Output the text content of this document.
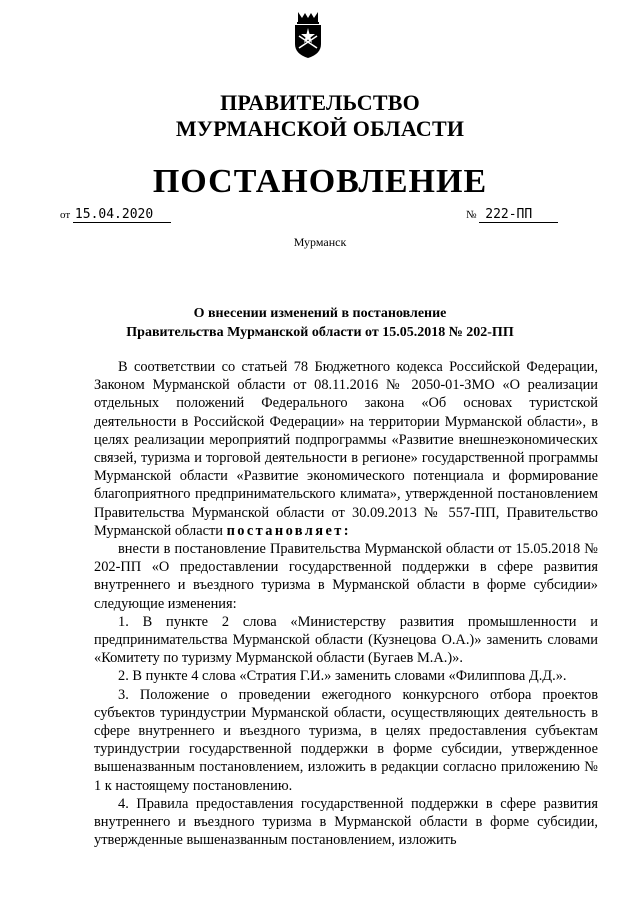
ПРАВИТЕЛЬСТВО
МУРМАНСКОЙ ОБЛАСТИ
ПОСТАНОВЛЕНИЕ
от 15.04.2020	№ 222-ПП
Мурманск
О внесении изменений в постановление
Правительства Мурманской области от 15.05.2018 № 202-ПП

В соответствии со статьей 78 Бюджетного кодекса Российской Федерации, Законом Мурманской области от 08.11.2016 № 2050-01-ЗМО «О реализации отдельных положений Федерального закона «Об основах туристской деятельности в Российской Федерации» на территории Мурманской области», в целях реализации мероприятий подпрограммы «Развитие внешнеэкономических связей, туризма и торговой деятельности в регионе» государственной программы Мурманской области «Развитие экономического потенциала и формирование благоприятного предпринимательского климата», утвержденной постановлением Правительства Мурманской области от 30.09.2013 № 557-ПП, Правительство Мурманской области постановляет:

внести в постановление Правительства Мурманской области от 15.05.2018 № 202-ПП «О предоставлении государственной поддержки в сфере развития внутреннего и въездного туризма в Мурманской области в форме субсидии» следующие изменения:

1. В пункте 2 слова «Министерству развития промышленности и предпринимательства Мурманской области (Кузнецова О.А.)» заменить словами «Комитету по туризму Мурманской области (Бугаев М.А.)».

2. В пункте 4 слова «Стратия Г.И.» заменить словами «Филиппова Д.Д.».

3. Положение о проведении ежегодного конкурсного отбора проектов субъектов туриндустрии Мурманской области, осуществляющих деятельность в сфере внутреннего и въездного туризма, в целях предоставления субъектам туриндустрии государственной поддержки в форме субсидии, утвержденное вышеназванным постановлением, изложить в редакции согласно приложению № 1 к настоящему постановлению.

4. Правила предоставления государственной поддержки в сфере развития внутреннего и въездного туризма в Мурманской области в форме субсидии, утвержденные вышеназванным постановлением, изложить
